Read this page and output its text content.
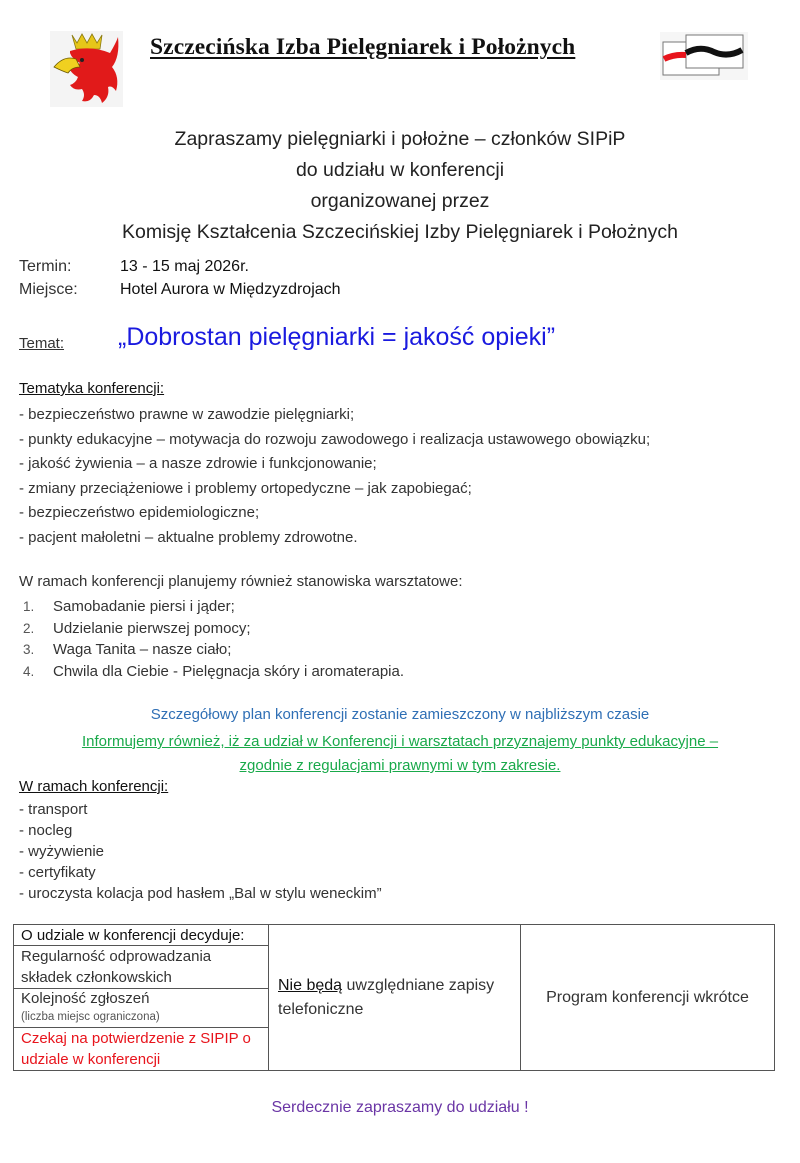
Szczecińska Izba Pielęgniarek i Położnych
Zapraszamy pielęgniarki i położne – członków SIPiP
do udziału w konferencji
organizowanej przez
Komisję Kształcenia Szczecińskiej Izby Pielęgniarek i Położnych
Termin:	13 - 15 maj 2026r.
Miejsce:	Hotel Aurora w Międzyzdrojach
Temat: „Dobrostan pielęgniarki = jakość opieki”
Tematyka konferencji:
- bezpieczeństwo prawne w zawodzie pielęgniarki;
- punkty edukacyjne – motywacja do rozwoju zawodowego i realizacja ustawowego obowiązku;
- jakość żywienia – a nasze zdrowie i funkcjonowanie;
- zmiany przeciążeniowe i problemy ortopedyczne – jak zapobiegać;
- bezpieczeństwo epidemiologiczne;
- pacjent małoletni – aktualne problemy zdrowotne.
W ramach konferencji planujemy również stanowiska warsztatowe:
1. Samobadanie piersi i jąder;
2. Udzielanie pierwszej pomocy;
3. Waga Tanita – nasze ciało;
4. Chwila dla Ciebie - Pielęgnacja skóry i aromaterapia.
Szczegółowy plan konferencji zostanie zamieszczony w najbliższym czasie
Informujemy również, iż za udział w Konferencji i warsztatach przyznajemy punkty edukacyjne –
zgodnie z regulacjami prawnymi w tym zakresie.
W ramach konferencji:
- transport
- nocleg
- wyżywienie
- certyfikaty
- uroczysta kolacja pod hasłem „Bal w stylu weneckim”
O udziale w konferencji decyduje:	Nie będą uwzględniane zapisy telefoniczne	Program konferencji wkrótce
Regularność odprowadzania składek członkowskich

Kolejność zgłoszeń
(liczba miejsc ograniczona)

Czekaj na potwierdzenie z SIPIP o udziale w konferencji
Serdecznie zapraszamy do udziału !
